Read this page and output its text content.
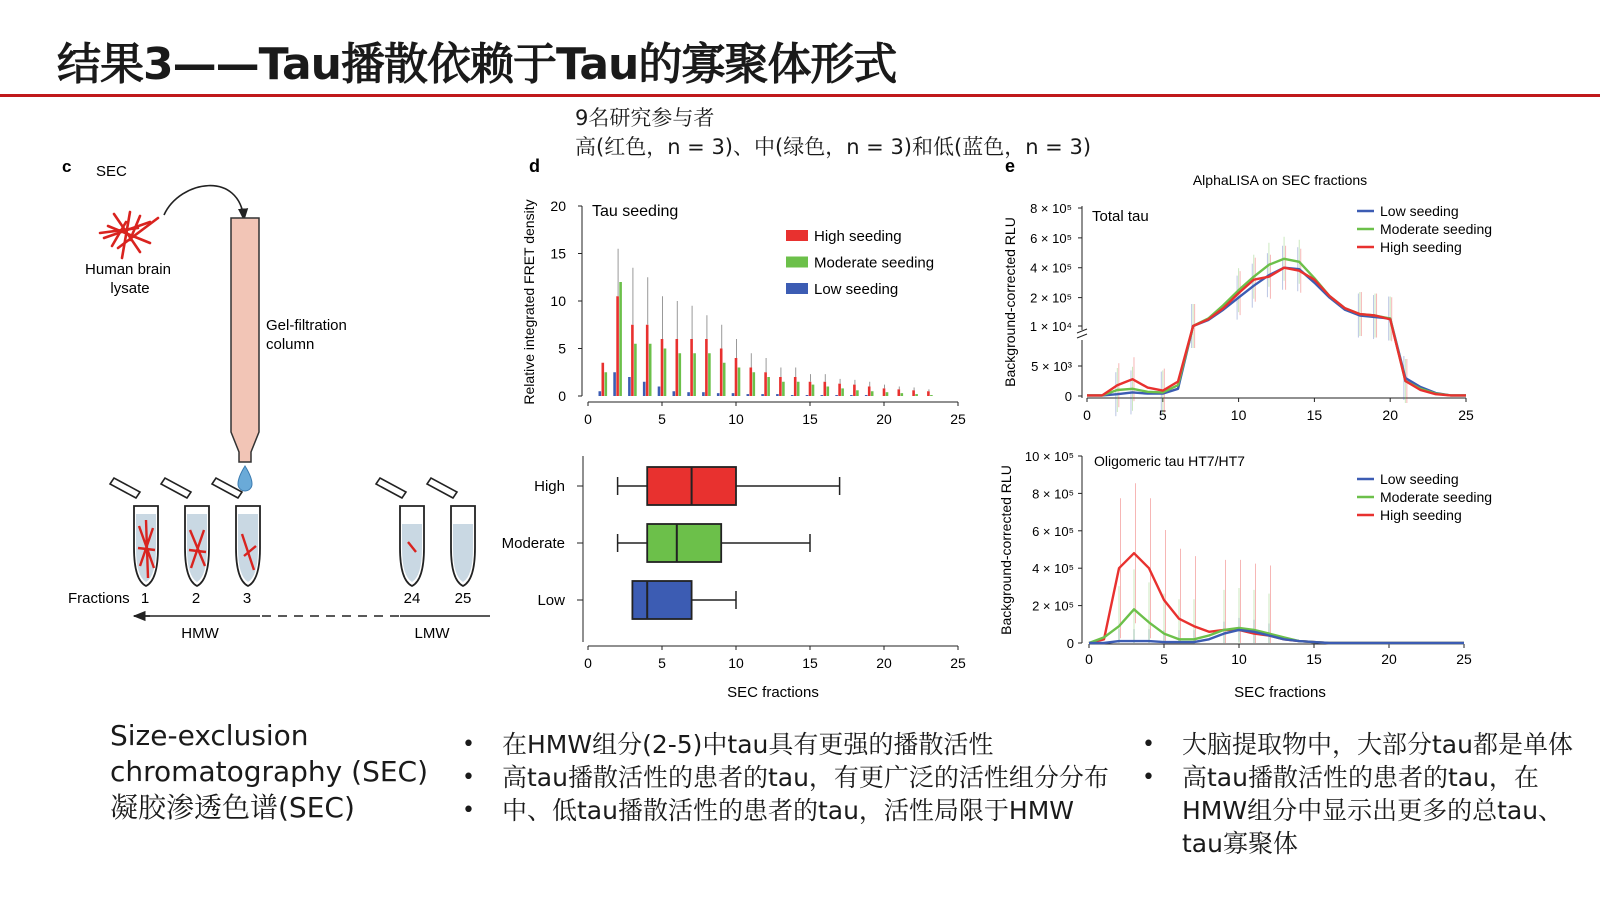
结果3——Tau播散依赖于Tau的寡聚体形式
9名研究参与者
高(红色，n = 3)、中(绿色，n = 3)和低(蓝色，n = 3)
c SEC
Human brain
lysate
Gel-filtration
column
Fractions 1	2	3	24 25
HMW	LMW
d	e
0
5
10
15
20
0	5	10	15	20	25
Relative integrated FRET density	Tau seeding
High seeding
Moderate seeding
Low seeding
0	5	10	15	20	25
SEC fractions
High
Moderate
Low
AlphaLISA on SEC fractions
Total tau
Background-corrected RLU
0
5 × 10³
1 × 10⁴
2 × 10⁵
4 × 10⁵
6 × 10⁵
8 × 10⁵
0	5	10	15	20	25
Low seeding
Moderate seeding
High seeding
Oligomeric tau HT7/HT7
Background-corrected RLU
0
2 × 10⁵
4 × 10⁵
6 × 10⁵
8 × 10⁵
10 × 10⁵
0	5	10	15	20	25
SEC fractions
Low seeding
Moderate seeding
High seeding
Size-exclusion
chromatography (SEC)
凝胶渗透色谱(SEC)
• 在HMW组分(2-5)中tau具有更强的播散活性
• 高tau播散活性的患者的tau，有更广泛的活性组分分布
• 中、低tau播散活性的患者的tau，活性局限于HMW
• 大脑提取物中，大部分tau都是单体
• 高tau播散活性的患者的tau，在HMW组分中显示出更多的总tau、tau寡聚体
